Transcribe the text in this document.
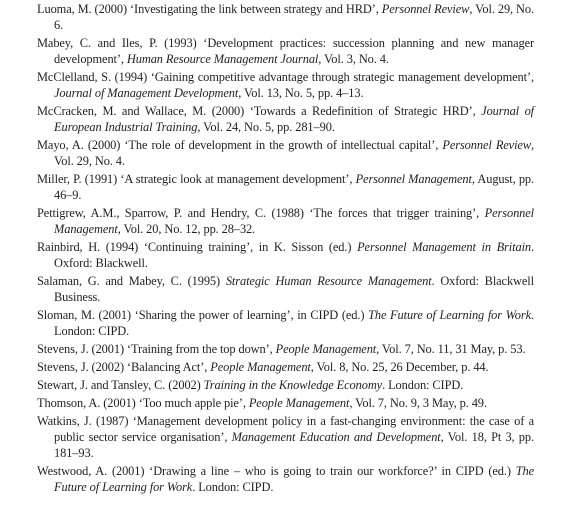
Luoma, M. (2000) ‘Investigating the link between strategy and HRD’, Personnel Review, Vol. 29, No. 6.
Mabey, C. and Iles, P. (1993) ‘Development practices: succession planning and new manager development’, Human Resource Management Journal, Vol. 3, No. 4.
McClelland, S. (1994) ‘Gaining competitive advantage through strategic management development’, Journal of Management Development, Vol. 13, No. 5, pp. 4–13.
McCracken, M. and Wallace, M. (2000) ‘Towards a Redefinition of Strategic HRD’, Journal of European Industrial Training, Vol. 24, No. 5, pp. 281–90.
Mayo, A. (2000) ‘The role of development in the growth of intellectual capital’, Personnel Review, Vol. 29, No. 4.
Miller, P. (1991) ‘A strategic look at management development’, Personnel Management, August, pp. 46–9.
Pettigrew, A.M., Sparrow, P. and Hendry, C. (1988) ‘The forces that trigger training’, Personnel Management, Vol. 20, No. 12, pp. 28–32.
Rainbird, H. (1994) ‘Continuing training’, in K. Sisson (ed.) Personnel Management in Britain. Oxford: Blackwell.
Salaman, G. and Mabey, C. (1995) Strategic Human Resource Management. Oxford: Blackwell Business.
Sloman, M. (2001) ‘Sharing the power of learning’, in CIPD (ed.) The Future of Learning for Work. London: CIPD.
Stevens, J. (2001) ‘Training from the top down’, People Management, Vol. 7, No. 11, 31 May, p. 53.
Stevens, J. (2002) ‘Balancing Act’, People Management, Vol. 8, No. 25, 26 December, p. 44.
Stewart, J. and Tansley, C. (2002) Training in the Knowledge Economy. London: CIPD.
Thomson, A. (2001) ‘Too much apple pie’, People Management, Vol. 7, No. 9, 3 May, p. 49.
Watkins, J. (1987) ‘Management development policy in a fast-changing environment: the case of a public sector service organisation’, Management Education and Development, Vol. 18, Pt 3, pp. 181–93.
Westwood, A. (2001) ‘Drawing a line – who is going to train our workforce?’ in CIPD (ed.) The Future of Learning for Work. London: CIPD.
